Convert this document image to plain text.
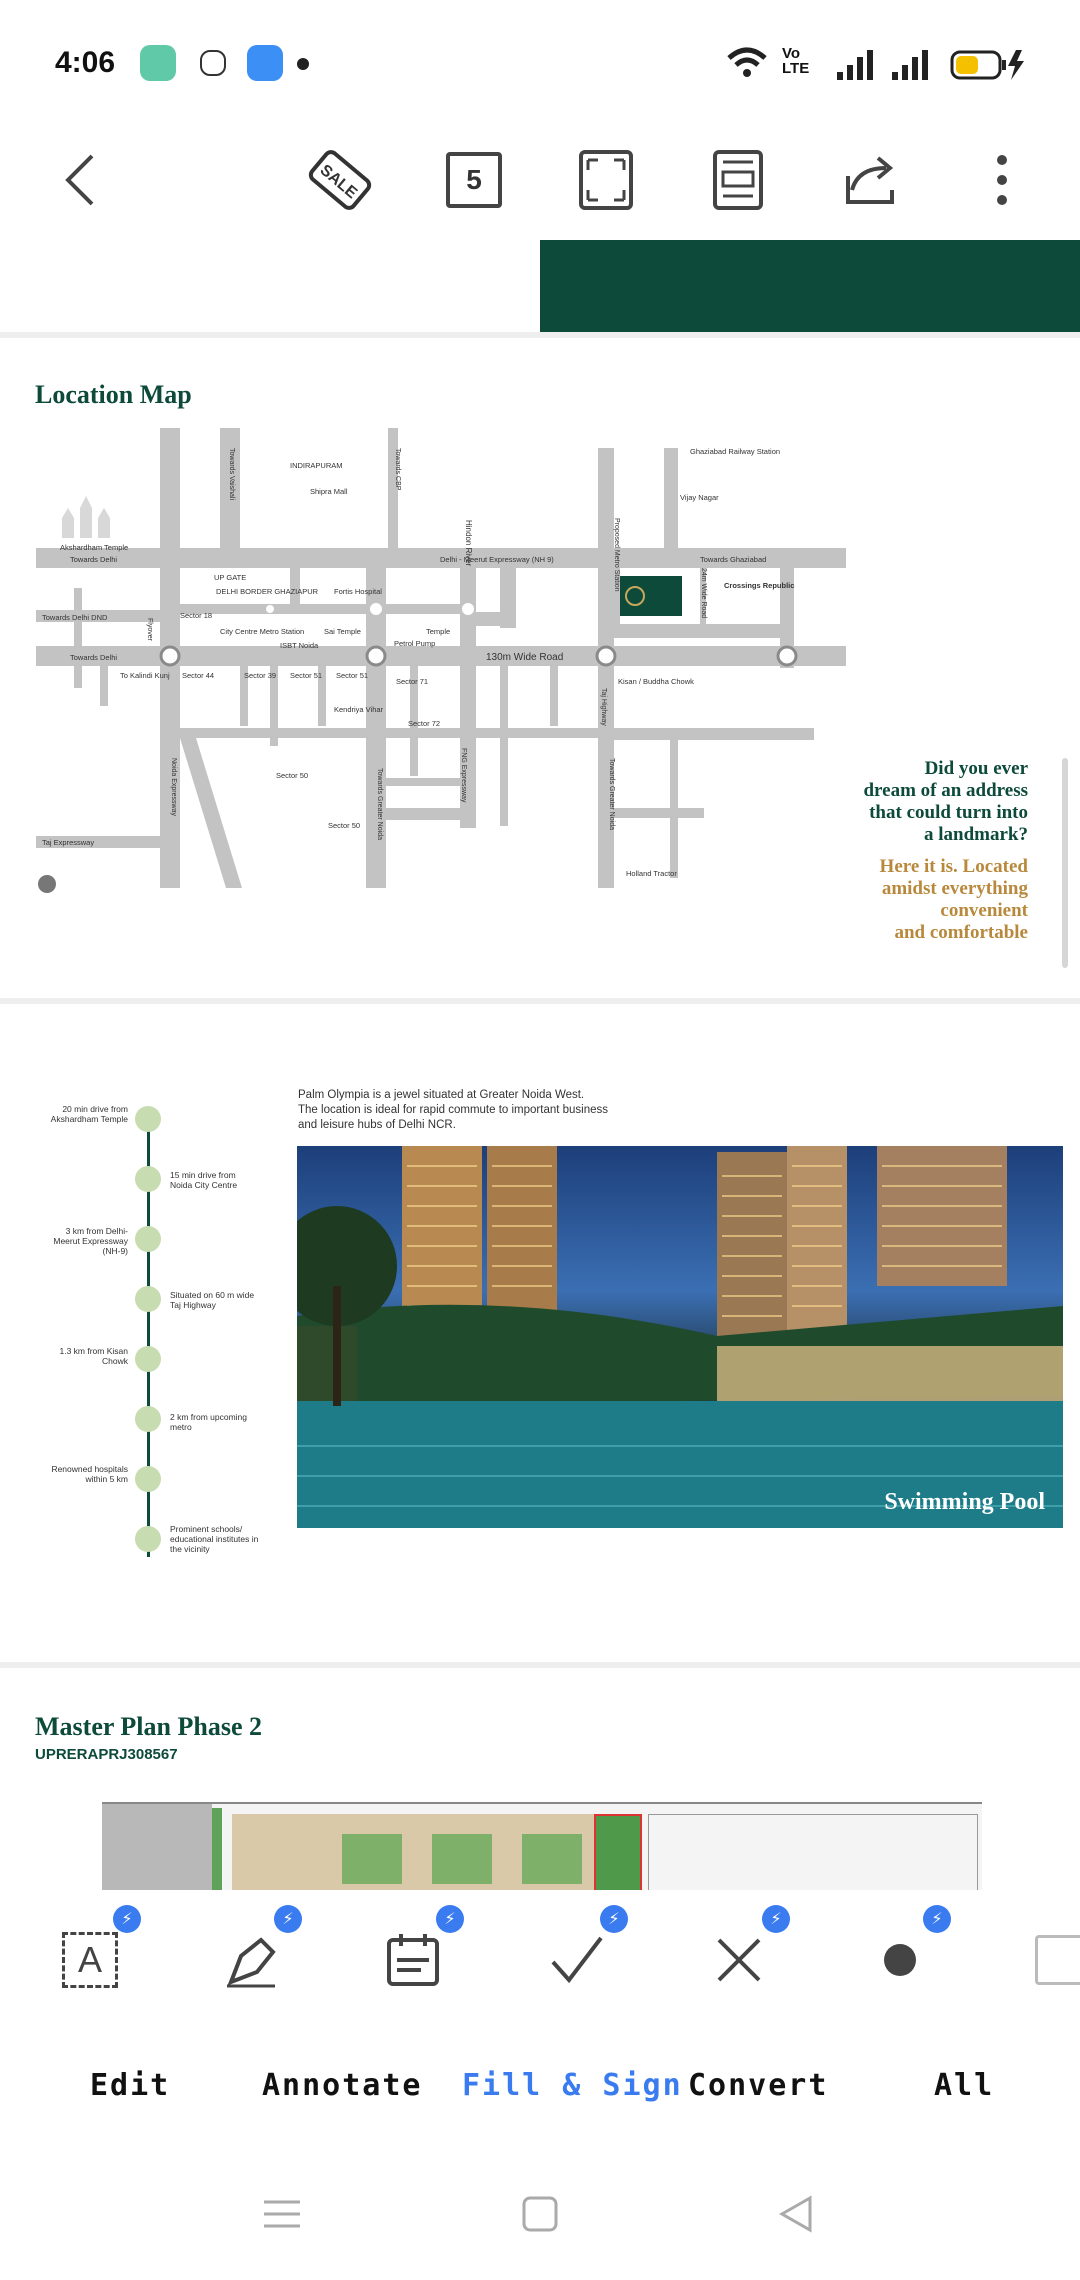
4:06	Vo LTE
SALE	5
Location Map
Hindon River
Akshardham Temple
INDIRAPURAM
Shipra Mall
Towards Delhi	Delhi - Meerut Expressway (NH 9)	Towards Ghaziabad
Ghaziabad Railway Station
Vijay Nagar
UP GATE
DELHI BORDER GHAZIAPUR Fortis Hospital
Crossings Republic
Sector 18
Towards Delhi DND
City Centre Metro Station
ISBT Noida
Sai Temple	Temple
Petrol Pump
Towards Delhi
To Kalindi Kunj Sector 44	Sector 39 Sector 51 Sector 51
Sector 71
Sector 72
Kendriya Vihar
Kisan / Buddha Chowk
Sector 50
Sector 50
Taj Expressway
Holland Tractor
130m Wide Road
Proposed Metro Station
24m Wide Road
Noida Expressway	Towards Greater Noida	Towards Greater Noida
FNG Expressway
Taj Highway
Flyover
Towards Vaishali	Towards CBP
Did you ever
dream of an address
that could turn into
a landmark?
Here it is. Located
amidst everything
convenient
and comfortable
Palm Olympia is a jewel situated at Greater Noida West.
The location is ideal for rapid commute to important business
and leisure hubs of Delhi NCR.
20 min drive from Akshardham Temple
3 km from Delhi-Meerut Expressway (NH-9)
1.3 km from Kisan Chowk
Renowned hospitals within 5 km
15 min drive from Noida City Centre
Situated on 60 m wide Taj Highway
2 km from upcoming metro
Prominent schools/ educational institutes in the vicinity
Swimming Pool
Master Plan Phase 2
UPRERAPRJ308567
A
⚡	⚡	⚡	⚡	⚡	⚡
Edit	Annotate Fill & Sign Convert	All
